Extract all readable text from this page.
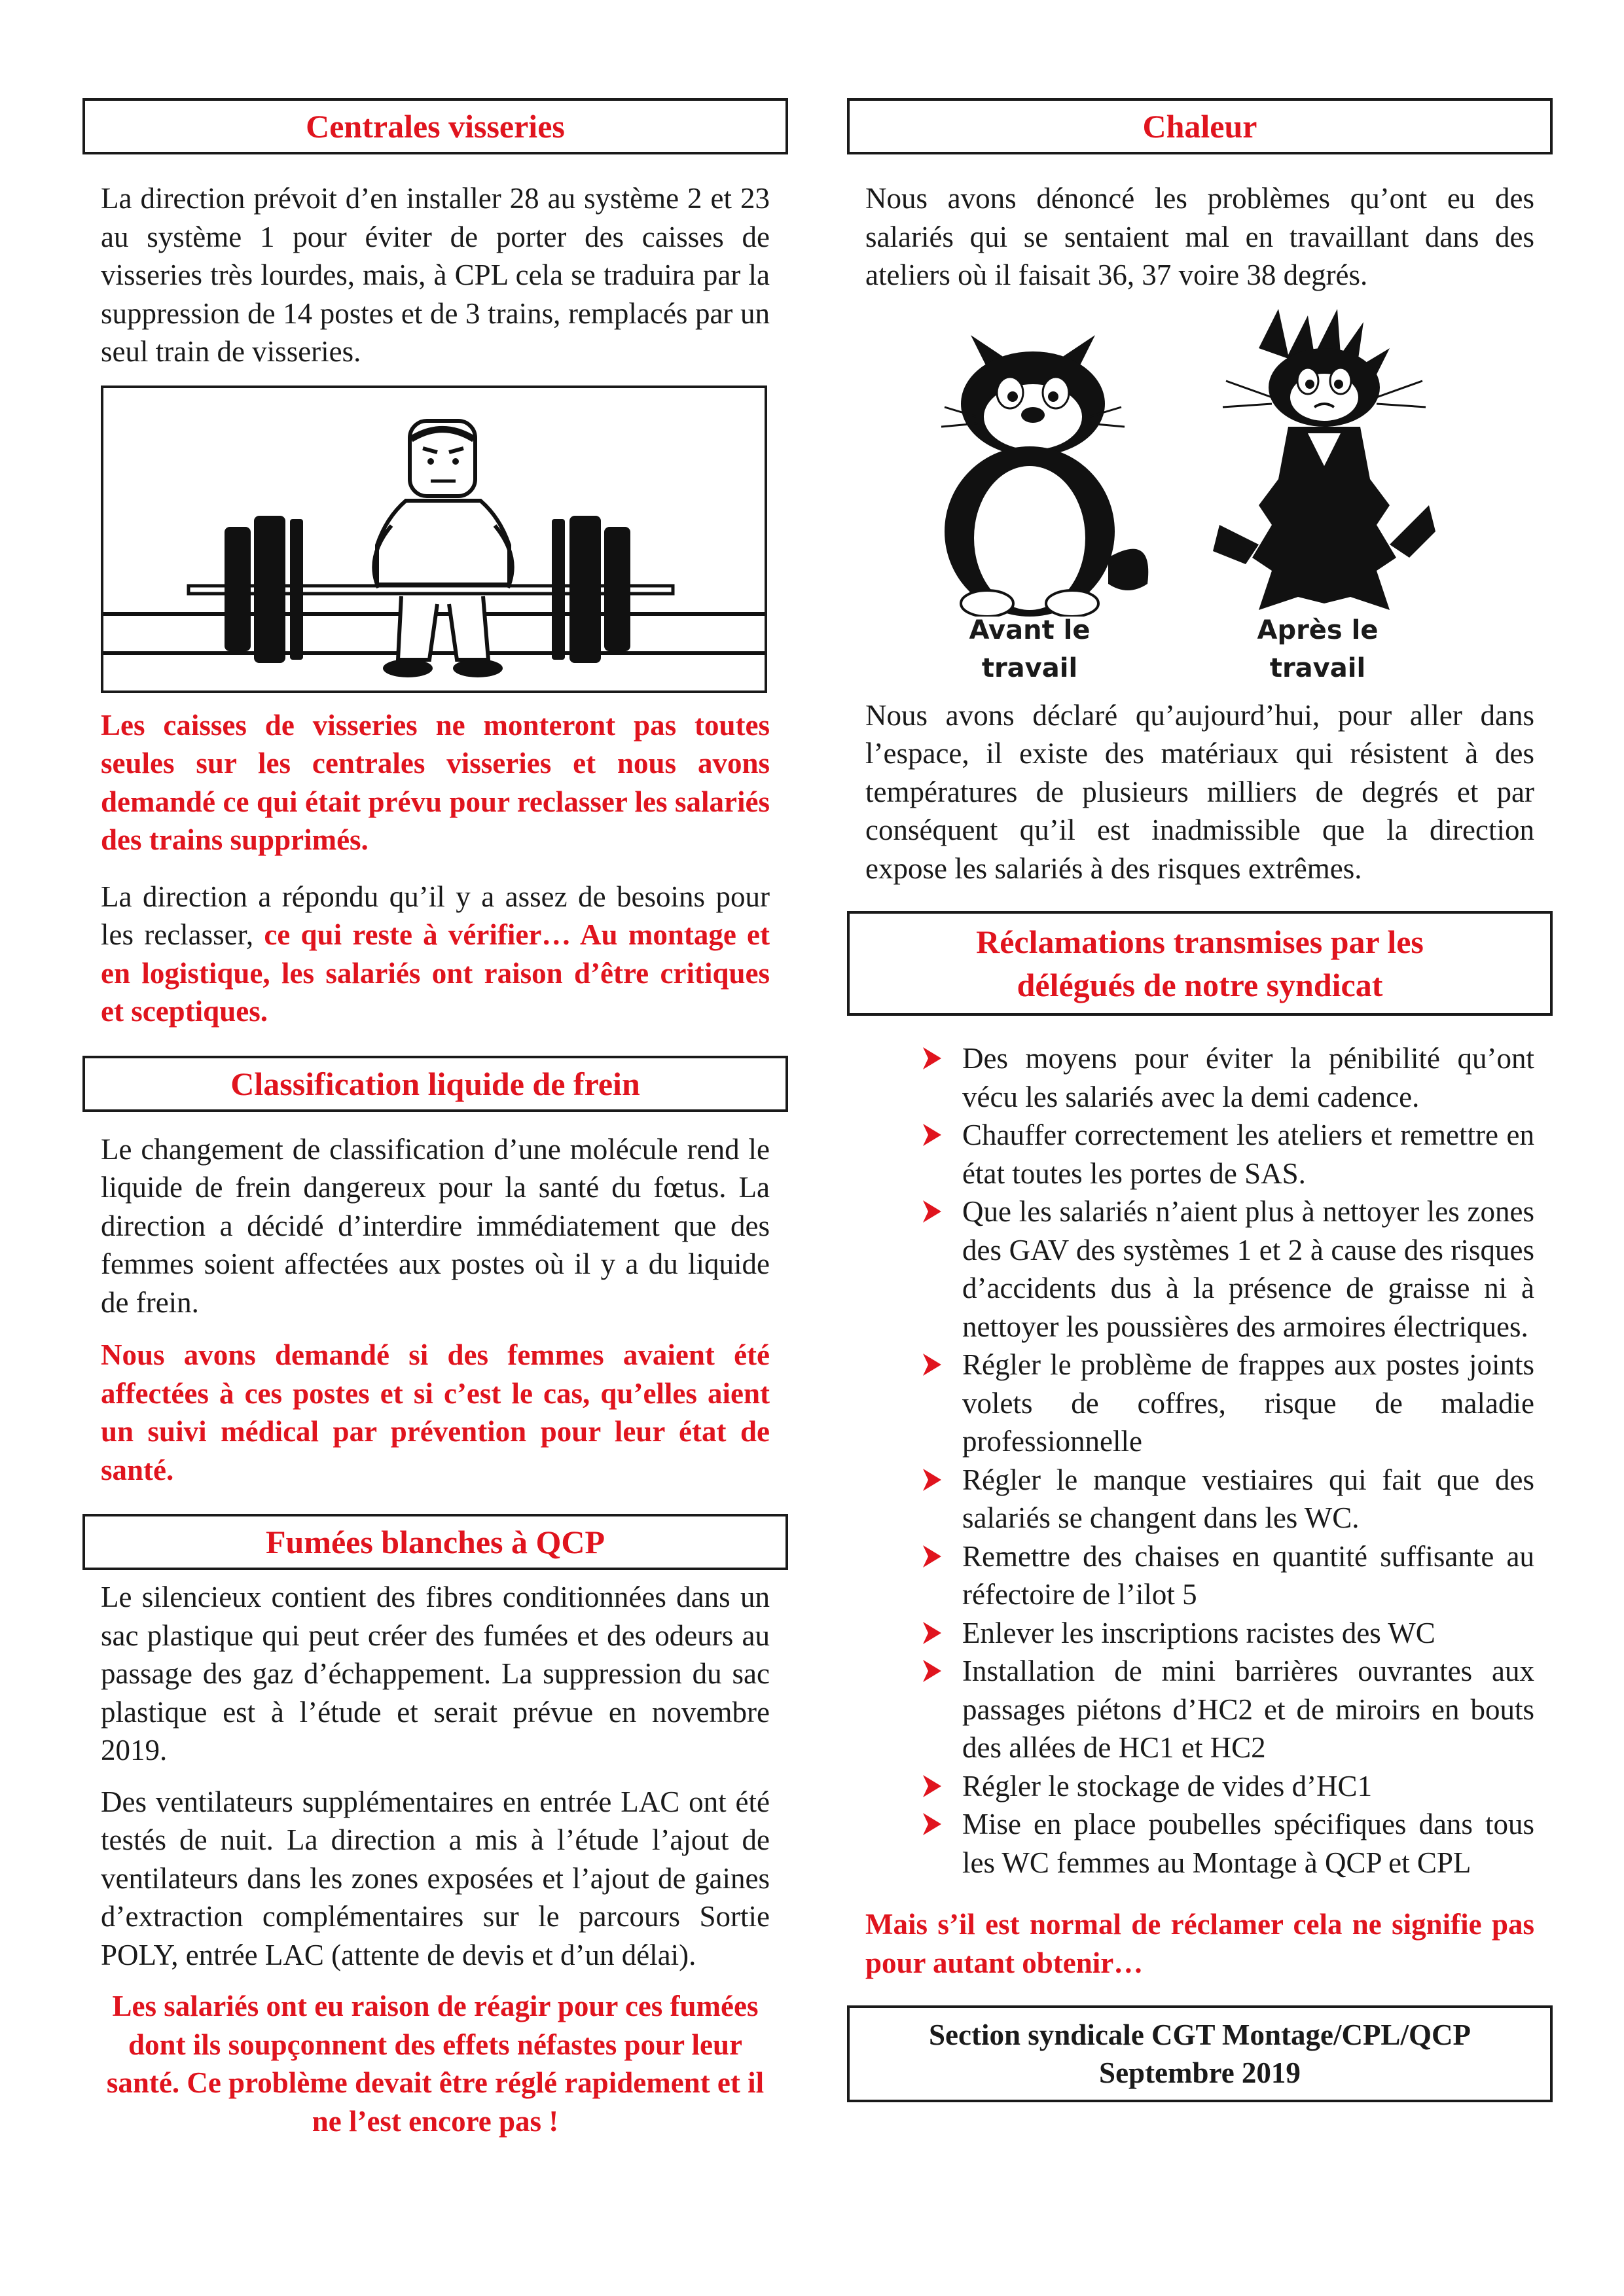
Centrales visseries

La direction prévoit d’en installer 28 au système 2 et 23 au système 1 pour éviter de porter des caisses de visseries très lourdes, mais, à CPL cela se traduira par la suppression de 14 postes et de 3 trains, remplacés par un seul train de visseries.

Les caisses de visseries ne monteront pas toutes seules sur les centrales visseries et nous avons demandé ce qui était prévu pour reclasser les salariés des trains supprimés.

La direction a répondu qu’il y a assez de besoins pour les reclasser, ce qui reste à vérifier… Au montage et en logistique, les salariés ont raison d’être critiques et sceptiques.

Classification liquide de frein

Le changement de classification d’une molécule rend le liquide de frein dangereux pour la santé du fœtus. La direction a décidé d’interdire immédiatement que des femmes soient affectées aux postes où il y a du liquide de frein.

Nous avons demandé si des femmes avaient été affectées à ces postes et si c’est le cas, qu’elles aient un suivi médical par prévention pour leur état de santé.

Fumées blanches à QCP

Le silencieux contient des fibres conditionnées dans un sac plastique qui peut créer des fumées et des odeurs au passage des gaz d’échappement. La suppression du sac plastique est à l’étude et serait prévue en novembre 2019.

Des ventilateurs supplémentaires en entrée LAC ont été testés de nuit. La direction a mis à l’étude l’ajout de ventilateurs dans les zones exposées et l’ajout de gaines d’extraction complémentaires sur le parcours Sortie POLY, entrée LAC (attente de devis et d’un délai).

Les salariés ont eu raison de réagir pour ces fumées dont ils soupçonnent des effets néfastes pour leur santé. Ce problème devait être réglé rapidement et il ne l’est encore pas !

Chaleur

Nous avons dénoncé les problèmes qu’ont eu des salariés qui se sentaient mal en travaillant dans des ateliers où il faisait 36, 37 voire 38 degrés.

Avant le
travail
Après le
travail

Nous avons déclaré qu’aujourd’hui, pour aller dans l’espace, il existe des matériaux qui résistent à des températures de plusieurs milliers de degrés et par conséquent qu’il est inadmissible que la direction expose les salariés à des risques extrêmes.

Réclamations transmises par les
délégués de notre syndicat
Des moyens pour éviter la pénibilité qu’ont vécu les salariés avec la demi cadence.
Chauffer correctement les ateliers et remettre en état toutes les portes de SAS.
Que les salariés n’aient plus à nettoyer les zones des GAV des systèmes 1 et 2 à cause des risques d’accidents dus à la présence de graisse ni à nettoyer les poussières des armoires électriques.
Régler le problème de frappes aux postes joints volets de coffres, risque de maladie professionnelle
Régler le manque vestiaires qui fait que des salariés se changent dans les WC.
Remettre des chaises en quantité suffisante au réfectoire de l’ilot 5
Enlever les inscriptions racistes des WC
Installation de mini barrières ouvrantes aux passages piétons d’HC2 et de miroirs en bouts des allées de HC1 et HC2
Régler le stockage de vides d’HC1
Mise en place poubelles spécifiques dans tous les WC femmes au Montage à QCP et CPL

Mais s’il est normal de réclamer cela ne signifie pas pour autant obtenir…

Section syndicale CGT Montage/CPL/QCP
Septembre 2019
